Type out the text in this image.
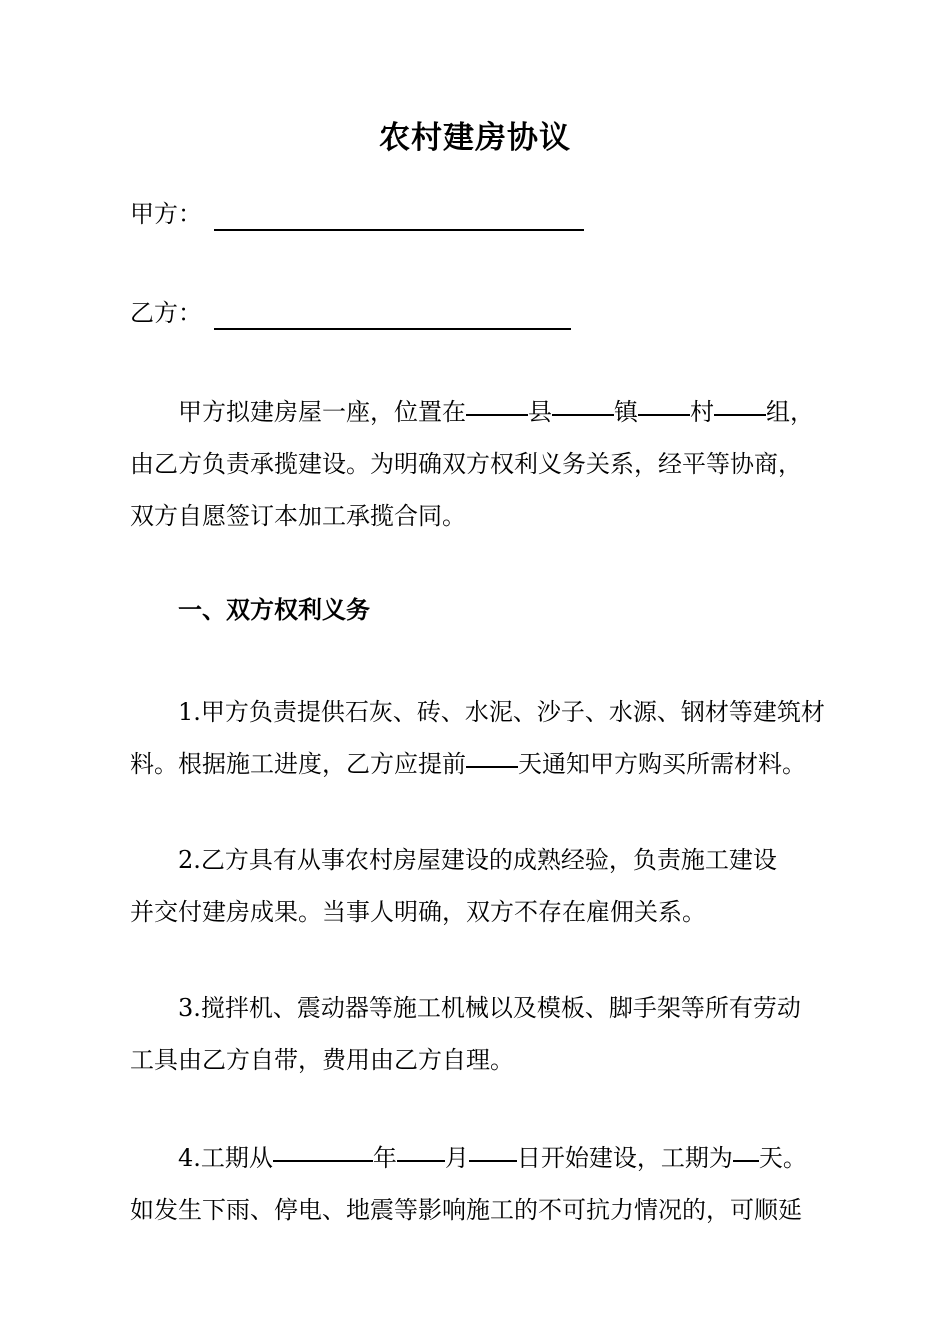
农村建房协议
甲方：
乙方：
甲方拟建房屋一座，位置在	县	镇 村 组，
由乙方负责承揽建设。为明确双方权利义务关系，经平等协商，
双方自愿签订本加工承揽合同。
一、双方权利义务
1.甲方负责提供石灰、砖、水泥、沙子、水源、钢材等建筑材
料。根据施工进度，乙方应提前 天通知甲方购买所需材料。
2.乙方具有从事农村房屋建设的成熟经验，负责施工建设
并交付建房成果。当事人明确，双方不存在雇佣关系。
3.搅拌机、震动器等施工机械以及模板、脚手架等所有劳动
工具由乙方自带，费用由乙方自理。
4.工期从	年 月 日开始建设，工期为 天。
如发生下雨、停电、地震等影响施工的不可抗力情况的，可顺延
